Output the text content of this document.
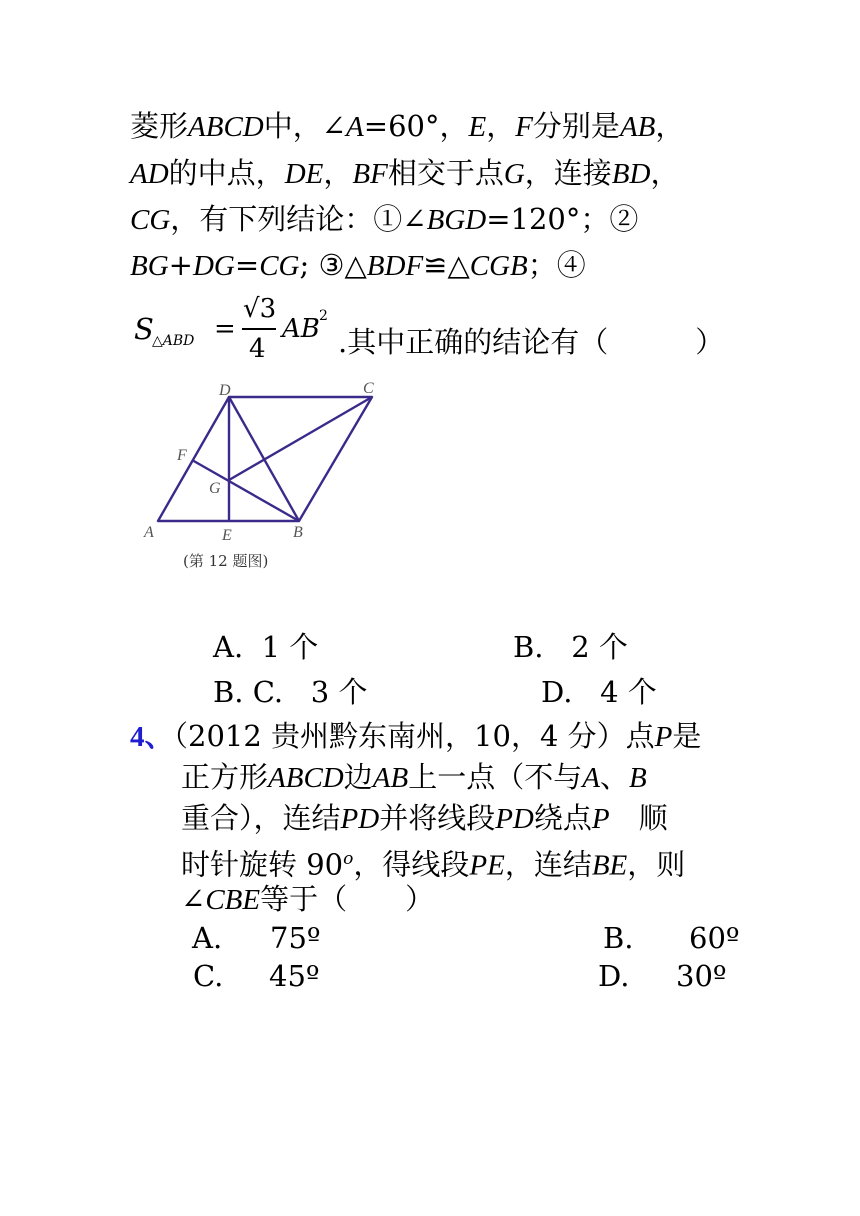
菱形ABCD中，∠A=60°，E，F分别是AB，
AD的中点，DE，BF相交于点G，连接BD，
CG，有下列结论：①∠BGD=120°；②
BG+DG=CG; ③△BDF≌△CGB；④
S
△ABD =
√3
4
AB 2
.其中正确的结论有（　　　）
A	B
C
D
E
F
G
(第 12 题图)
A. 1 个	B. 2 个
B. C. 3 个	D. 4 个
4、（2012 贵州黔东南州，10，4 分）点P是
正方形ABCD边AB上一点（不与A、B
重合），连结PD并将线段PD绕点P　顺
时针旋转 90$^o$，得线段PE，连结BE，则
∠CBE等于（　　）
A. 75º	B. 60º
C. 45º	D. 30º
